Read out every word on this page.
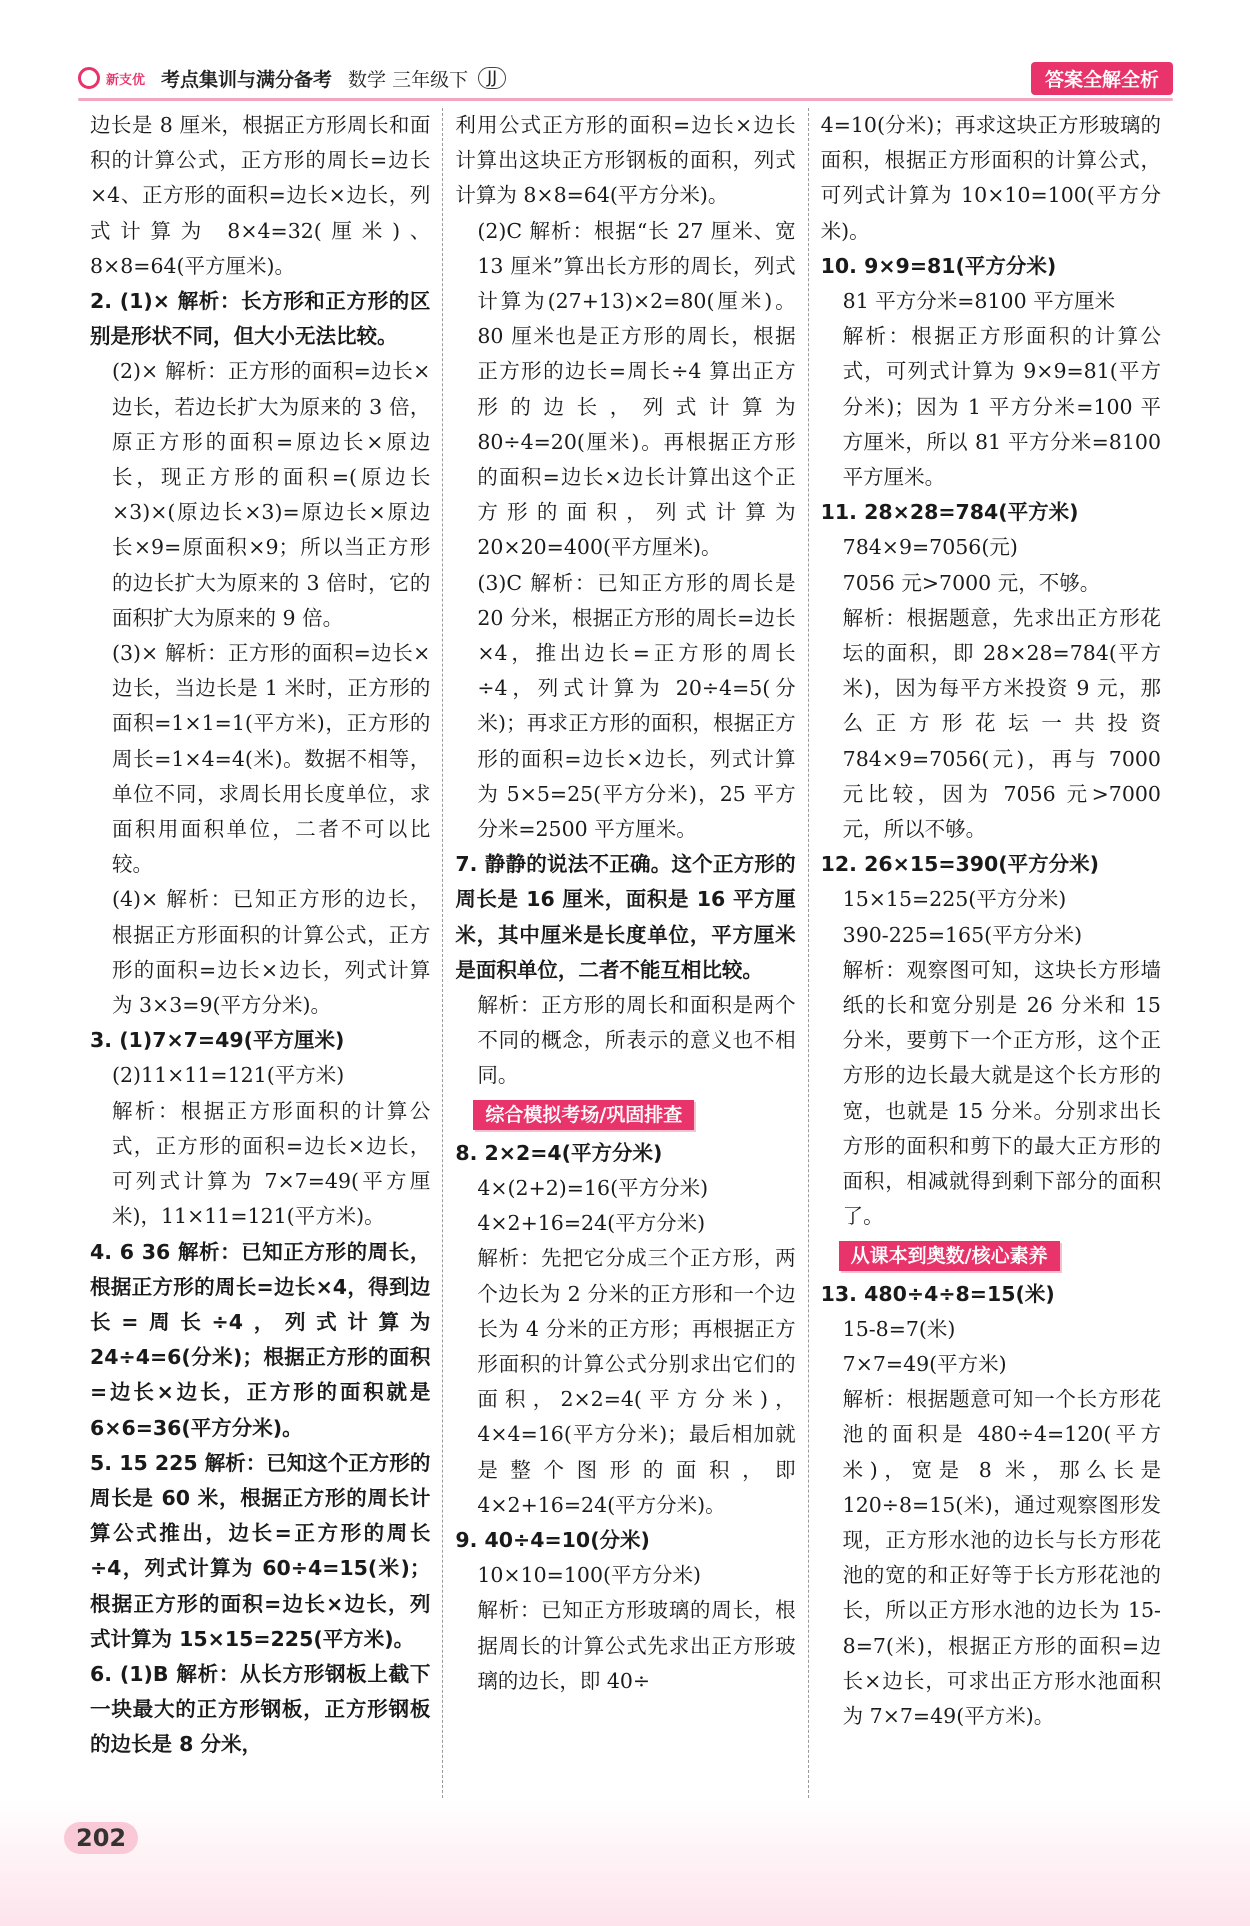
新支优 考点集训与满分备考 数学 三年级下	JJ	答案全解全析

边长是 8 厘米，根据正方形周长和面积的计算公式，正方形的周长=边长×4、正方形的面积=边长×边长，列式计算为 8×4=32(厘米)、8×8=64(平方厘米)。

2. (1)× 解析：长方形和正方形的区别是形状不同，但大小无法比较。

(2)× 解析：正方形的面积=边长×边长，若边长扩大为原来的 3 倍，原正方形的面积=原边长×原边长，现正方形的面积=(原边长×3)×(原边长×3)=原边长×原边长×9=原面积×9；所以当正方形的边长扩大为原来的 3 倍时，它的面积扩大为原来的 9 倍。

(3)× 解析：正方形的面积=边长×边长，当边长是 1 米时，正方形的面积=1×1=1(平方米)，正方形的周长=1×4=4(米)。数据不相等，单位不同，求周长用长度单位，求面积用面积单位，二者不可以比较。

(4)× 解析：已知正方形的边长，根据正方形面积的计算公式，正方形的面积=边长×边长，列式计算为 3×3=9(平方分米)。

3. (1)7×7=49(平方厘米)

(2)11×11=121(平方米)

解析：根据正方形面积的计算公式，正方形的面积=边长×边长，可列式计算为 7×7=49(平方厘米)，11×11=121(平方米)。

4. 6 36 解析：已知正方形的周长，根据正方形的周长=边长×4，得到边长=周长÷4，列式计算为 24÷4=6(分米)；根据正方形的面积=边长×边长，正方形的面积就是 6×6=36(平方分米)。

5. 15 225 解析：已知这个正方形的周长是 60 米，根据正方形的周长计算公式推出，边长=正方形的周长÷4，列式计算为 60÷4=15(米)；根据正方形的面积=边长×边长，列式计算为 15×15=225(平方米)。

6. (1)B 解析：从长方形钢板上截下一块最大的正方形钢板，正方形钢板的边长是 8 分米，

利用公式正方形的面积=边长×边长计算出这块正方形钢板的面积，列式计算为 8×8=64(平方分米)。

(2)C 解析：根据“长 27 厘米、宽 13 厘米”算出长方形的周长，列式计算为(27+13)×2=80(厘米)。80 厘米也是正方形的周长，根据正方形的边长=周长÷4 算出正方形的边长，列式计算为 80÷4=20(厘米)。再根据正方形的面积=边长×边长计算出这个正方形的面积，列式计算为 20×20=400(平方厘米)。

(3)C 解析：已知正方形的周长是 20 分米，根据正方形的周长=边长×4，推出边长=正方形的周长÷4，列式计算为 20÷4=5(分米)；再求正方形的面积，根据正方形的面积=边长×边长，列式计算为 5×5=25(平方分米)，25 平方分米=2500 平方厘米。

7. 静静的说法不正确。这个正方形的周长是 16 厘米，面积是 16 平方厘米，其中厘米是长度单位，平方厘米是面积单位，二者不能互相比较。

解析：正方形的周长和面积是两个不同的概念，所表示的意义也不相同。

综合模拟考场/巩固排查

8. 2×2=4(平方分米)

4×(2+2)=16(平方分米)

4×2+16=24(平方分米)

解析：先把它分成三个正方形，两个边长为 2 分米的正方形和一个边长为 4 分米的正方形；再根据正方形面积的计算公式分别求出它们的面积，2×2=4(平方分米)，4×4=16(平方分米)；最后相加就是整个图形的面积，即 4×2+16=24(平方分米)。

9. 40÷4=10(分米)

10×10=100(平方分米)

解析：已知正方形玻璃的周长，根据周长的计算公式先求出正方形玻璃的边长，即 40÷

4=10(分米)；再求这块正方形玻璃的面积，根据正方形面积的计算公式，可列式计算为 10×10=100(平方分米)。

10. 9×9=81(平方分米)

81 平方分米=8100 平方厘米

解析：根据正方形面积的计算公式，可列式计算为 9×9=81(平方分米)；因为 1 平方分米=100 平方厘米，所以 81 平方分米=8100 平方厘米。

11. 28×28=784(平方米)

784×9=7056(元)

7056 元>7000 元，不够。

解析：根据题意，先求出正方形花坛的面积，即 28×28=784(平方米)，因为每平方米投资 9 元，那么正方形花坛一共投资 784×9=7056(元)，再与 7000 元比较，因为 7056 元>7000 元，所以不够。

12. 26×15=390(平方分米)

15×15=225(平方分米)

390-225=165(平方分米)

解析：观察图可知，这块长方形墙纸的长和宽分别是 26 分米和 15 分米，要剪下一个正方形，这个正方形的边长最大就是这个长方形的宽，也就是 15 分米。分别求出长方形的面积和剪下的最大正方形的面积，相减就得到剩下部分的面积了。

从课本到奥数/核心素养

13. 480÷4÷8=15(米)

15-8=7(米)

7×7=49(平方米)

解析：根据题意可知一个长方形花池的面积是 480÷4=120(平方米)，宽是 8 米，那么长是 120÷8=15(米)，通过观察图形发现，正方形水池的边长与长方形花池的宽的和正好等于长方形花池的长，所以正方形水池的边长为 15-8=7(米)，根据正方形的面积=边长×边长，可求出正方形水池面积为 7×7=49(平方米)。

202
